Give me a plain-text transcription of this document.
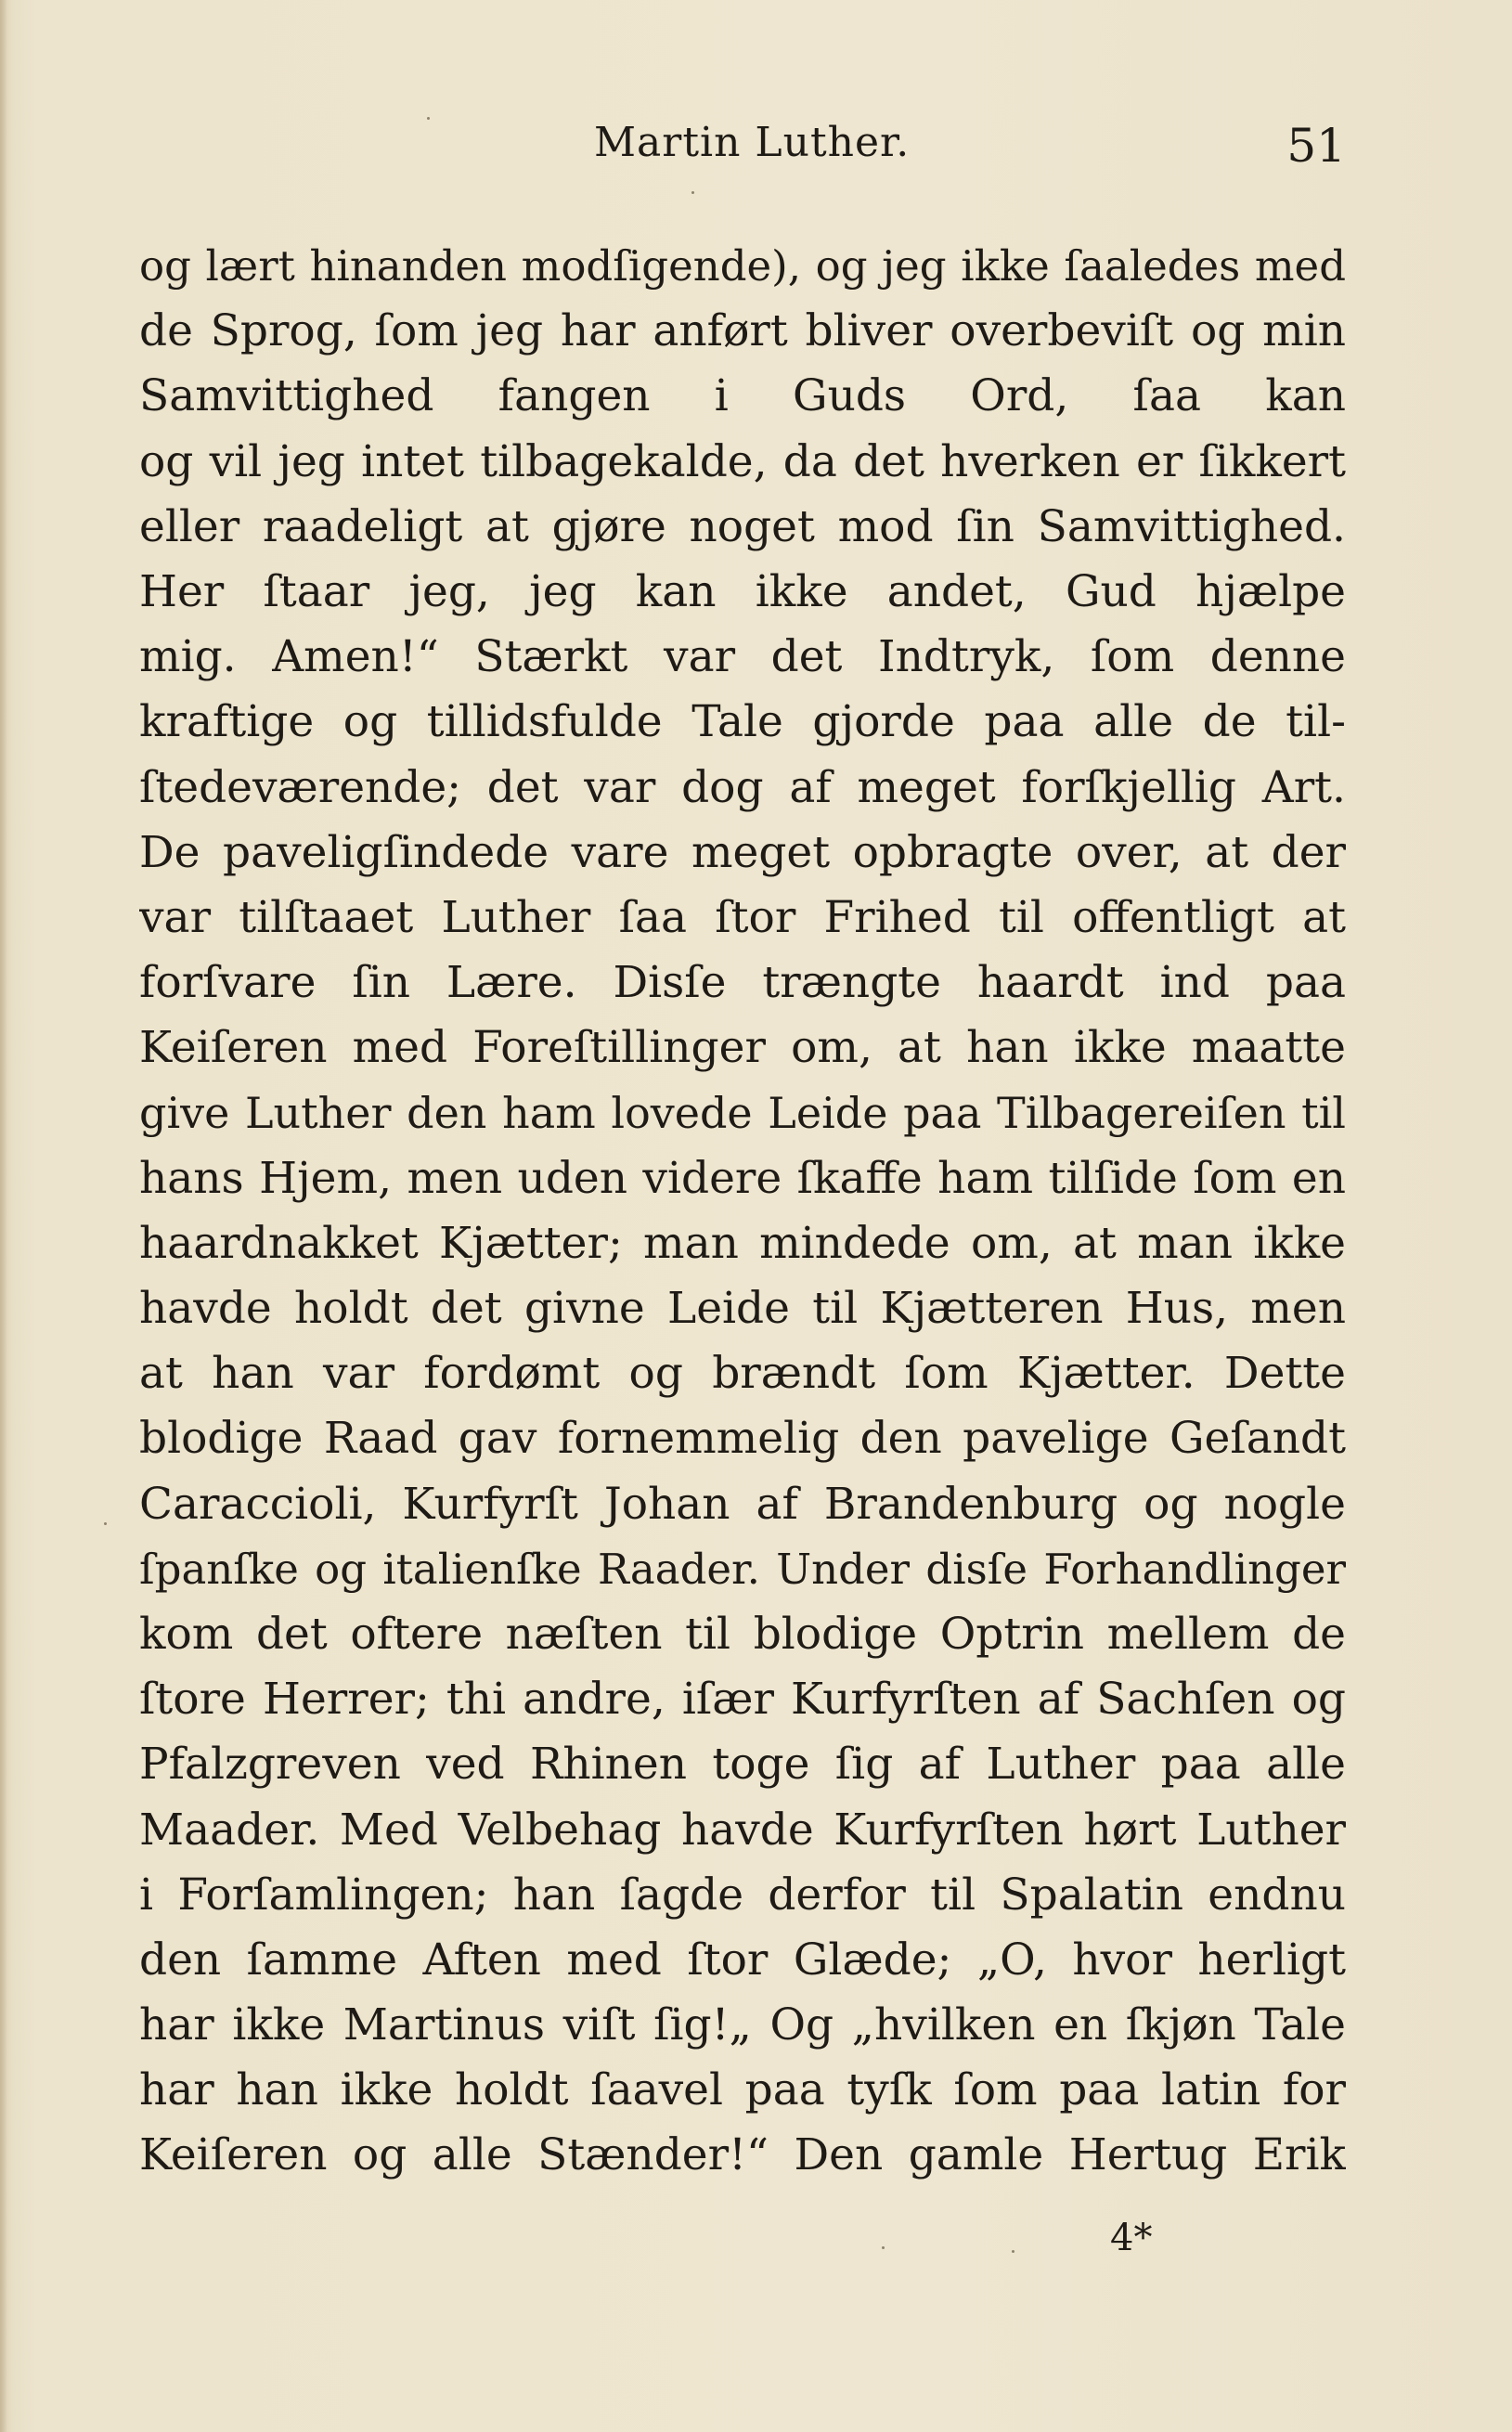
Martin Luther.	51
og lært hinanden modſigende), og jeg ikke ſaaledes med
de Sprog, ſom jeg har anført bliver overbeviſt og min
Samvittighed fangen i Guds Ord, ſaa kan
og vil jeg intet tilbagekalde, da det hverken er ſikkert
eller raadeligt at gjøre noget mod ſin Samvittighed.
Her ſtaar jeg, jeg kan ikke andet, Gud hjælpe
mig. Amen!“ Stærkt var det Indtryk, ſom denne
kraftige og tillidsfulde Tale gjorde paa alle de til-
ſtedeværende; det var dog af meget forſkjellig Art.
De paveligſindede vare meget opbragte over, at der
var tilſtaaet Luther ſaa ſtor Frihed til offentligt at
forſvare ſin Lære. Disſe trængte haardt ind paa
Keiſeren med Foreſtillinger om, at han ikke maatte
give Luther den ham lovede Leide paa Tilbagereiſen til
hans Hjem, men uden videre ſkaffe ham tilſide ſom en
haardnakket Kjætter; man mindede om, at man ikke
havde holdt det givne Leide til Kjætteren Hus, men
at han var fordømt og brændt ſom Kjætter. Dette
blodige Raad gav fornemmelig den pavelige Geſandt
Caraccioli, Kurfyrſt Johan af Brandenburg og nogle
ſpanſke og italienſke Raader. Under disſe Forhandlinger
kom det oftere næſten til blodige Optrin mellem de
ſtore Herrer; thi andre, iſær Kurfyrſten af Sachſen og
Pfalzgreven ved Rhinen toge ſig af Luther paa alle
Maader. Med Velbehag havde Kurfyrſten hørt Luther
i Forſamlingen; han ſagde derfor til Spalatin endnu
den ſamme Aften med ſtor Glæde; „O, hvor herligt
har ikke Martinus viſt ſig!„ Og „hvilken en ſkjøn Tale
har han ikke holdt ſaavel paa tyſk ſom paa latin for
Keiſeren og alle Stænder!“ Den gamle Hertug Erik
4*
